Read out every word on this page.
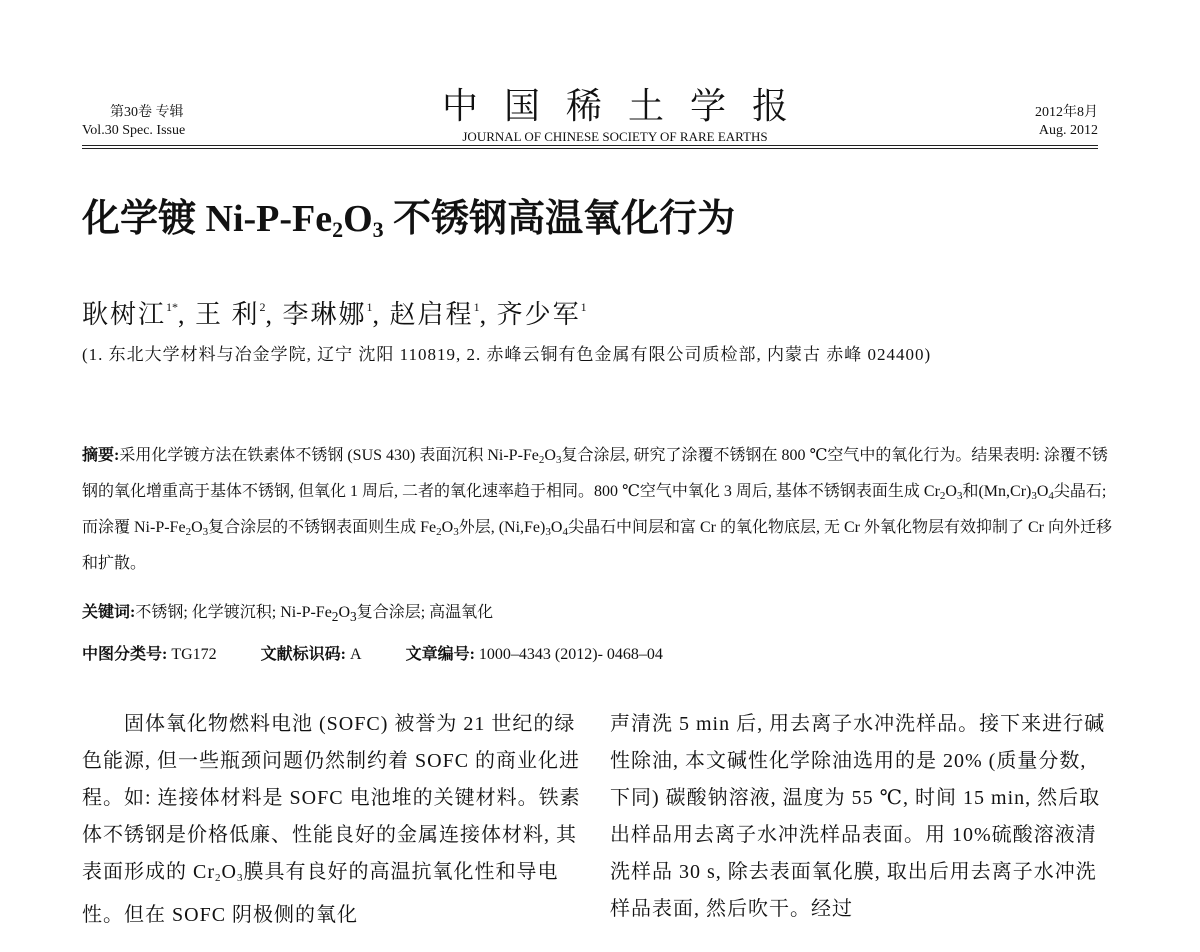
第30卷 专辑
Vol.30 Spec. Issue
中国稀土学报
JOURNAL OF CHINESE SOCIETY OF RARE EARTHS
2012年8月
Aug. 2012
化学镀 $Ni-P-Fe_2O_3$ 不锈钢高温氧化行为
耿树江$^{1*}$, 王 利$^2$, 李琳娜$^1$, 赵启程$^1$, 齐少军$^1$
(1. 东北大学材料与冶金学院, 辽宁 沈阳 110819, 2. 赤峰云铜有色金属有限公司质检部, 内蒙古 赤峰 024400)
摘要:采用化学镀方法在铁素体不锈钢 (SUS 430) 表面沉积 $Ni-P-Fe_2O_3$复合涂层, 研究了涂覆不锈钢在 800 ℃空气中的氧化行为。结果表明: 涂覆不锈钢的氧化增重高于基体不锈钢, 但氧化 1 周后, 二者的氧化速率趋于相同。800 ℃空气中氧化 3 周后, 基体不锈钢表面生成 $Cr_2O_3$和$(Mn,Cr)_3O_4$尖晶石; 而涂覆 $Ni-P-Fe_2O_3$复合涂层的不锈钢表面则生成 $Fe_2O_3$外层, $(Ni,Fe)_3O_4$尖晶石中间层和富 Cr 的氧化物底层, 无 Cr 外氧化物层有效抑制了 Cr 向外迁移和扩散。
关键词:不锈钢; 化学镀沉积; $Ni-P-Fe_2O_3$复合涂层; 高温氧化
中图分类号: TG172	文献标识码: A	文章编号: 1000–4343 (2012)- 0468–04
固体氧化物燃料电池 (SOFC) 被誉为 21 世纪的绿色能源, 但一些瓶颈问题仍然制约着 SOFC 的商业化进程。如: 连接体材料是 SOFC 电池堆的关键材料。铁素体不锈钢是价格低廉、性能良好的金属连接体材料, 其表面形成的 $Cr_2O_3$膜具有良好的高温抗氧化性和导电性。但在 SOFC 阴极侧的氧化
声清洗 5 min 后, 用去离子水冲洗样品。接下来进行碱性除油, 本文碱性化学除油选用的是 20% (质量分数, 下同) 碳酸钠溶液, 温度为 55 ℃, 时间 15 min, 然后取出样品用去离子水冲洗样品表面。用 10%硫酸溶液清洗样品 30 s, 除去表面氧化膜, 取出后用去离子水冲洗样品表面, 然后吹干。经过
